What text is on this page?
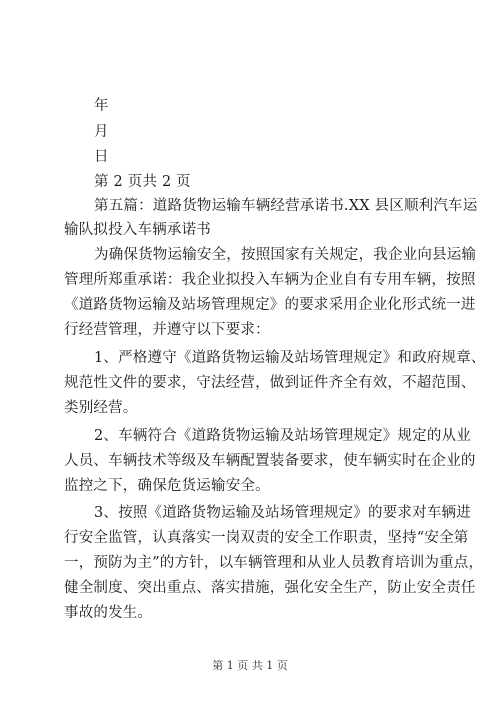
年
月
日
第 2 页共 2 页
第五篇：道路货物运输车辆经营承诺书.XX 县区顺利汽车运
输队拟投入车辆承诺书
为确保货物运输安全，按照国家有关规定，我企业向县运输
管理所郑重承诺：我企业拟投入车辆为企业自有专用车辆，按照
《道路货物运输及站场管理规定》的要求采用企业化形式统一进
行经营管理，并遵守以下要求：
1、严格遵守《道路货物运输及站场管理规定》和政府规章、
规范性文件的要求，守法经营，做到证件齐全有效，不超范围、
类别经营。
2、车辆符合《道路货物运输及站场管理规定》规定的从业
人员、车辆技术等级及车辆配置装备要求，使车辆实时在企业的
监控之下，确保危货运输安全。
3、按照《道路货物运输及站场管理规定》的要求对车辆进
行安全监管，认真落实一岗双责的安全工作职责，坚持“安全第
一，预防为主”的方针，以车辆管理和从业人员教育培训为重点，
健全制度、突出重点、落实措施，强化安全生产，防止安全责任
事故的发生。
第 1 页 共 1 页
